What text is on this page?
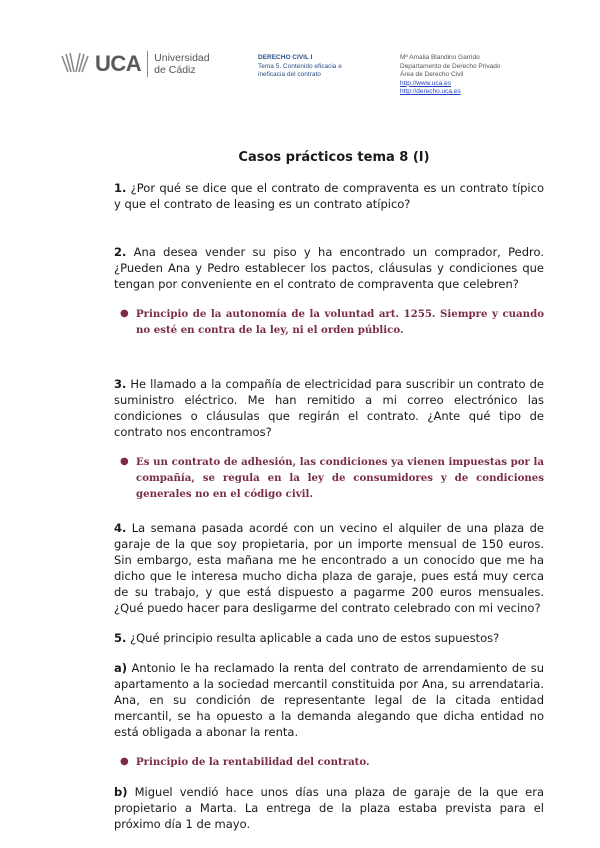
UCA Universidad
de Cádiz
DERECHO CIVIL I
Tema 5. Contenido eficacia e
ineficacia del contrato
Mª Amalia Blandino Garrido
Departamento de Derecho Privado
Área de Derecho Civil
http://www.uca.es
http://derecho.uca.es
Casos prácticos tema 8 (I)

1. ¿Por qué se dice que el contrato de compraventa es un contrato típico y que el contrato de leasing es un contrato atípico?

2. Ana desea vender su piso y ha encontrado un comprador, Pedro. ¿Pueden Ana y Pedro establecer los pactos, cláusulas y condiciones que tengan por conveniente en el contrato de compraventa que celebren?

● Principio de la autonomía de la voluntad art. 1255. Siempre y cuando no esté en contra de la ley, ni el orden público.

3. He llamado a la compañía de electricidad para suscribir un contrato de suministro eléctrico. Me han remitido a mi correo electrónico las condiciones o cláusulas que regirán el contrato. ¿Ante qué tipo de contrato nos encontramos?

● Es un contrato de adhesión, las condiciones ya vienen impuestas por la compañía, se regula en la ley de consumidores y de condiciones generales no en el código civil.

4. La semana pasada acordé con un vecino el alquiler de una plaza de garaje de la que soy propietaria, por un importe mensual de 150 euros. Sin embargo, esta mañana me he encontrado a un conocido que me ha dicho que le interesa mucho dicha plaza de garaje, pues está muy cerca de su trabajo, y que está dispuesto a pagarme 200 euros mensuales. ¿Qué puedo hacer para desligarme del contrato celebrado con mi vecino?

5. ¿Qué principio resulta aplicable a cada uno de estos supuestos?

a) Antonio le ha reclamado la renta del contrato de arrendamiento de su apartamento a la sociedad mercantil constituida por Ana, su arrendataria. Ana, en su condición de representante legal de la citada entidad mercantil, se ha opuesto a la demanda alegando que dicha entidad no está obligada a abonar la renta.

● Principio de la rentabilidad del contrato.

b) Miguel vendió hace unos días una plaza de garaje de la que era propietario a Marta. La entrega de la plaza estaba prevista para el próximo día 1 de mayo.
